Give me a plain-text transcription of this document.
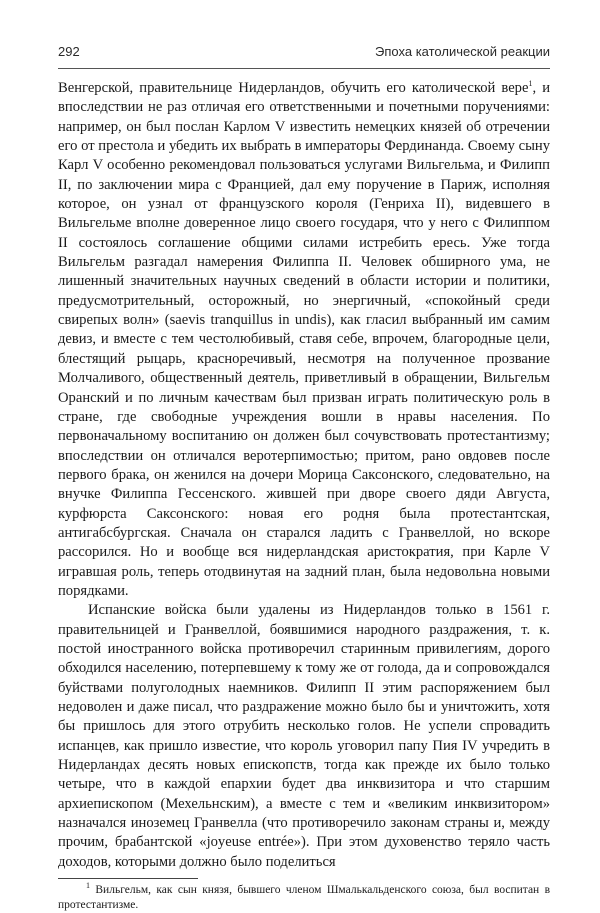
292	Эпоха католической реакции

Венгерской, правительнице Нидерландов, обучить его католической вере$^1$, и впоследствии не раз отличая его ответственными и почетными поручениями: например, он был послан Карлом V известить немецких князей об отречении его от престола и убедить их выбрать в императоры Фердинанда. Своему сыну Карл V особенно рекомендовал пользоваться услугами Вильгельма, и Филипп II, по заключении мира с Францией, дал ему поручение в Париж, исполняя которое, он узнал от французского короля (Генриха II), видевшего в Вильгельме вполне доверенное лицо своего государя, что у него с Филиппом II состоялось соглашение общими силами истребить ересь. Уже тогда Вильгельм разгадал намерения Филиппа II. Человек обширного ума, не лишенный значительных научных сведений в области истории и политики, предусмотрительный, осторожный, но энергичный, «спокойный среди свирепых волн» (saevis tranquillus in undis), как гласил выбранный им самим девиз, и вместе с тем честолюбивый, ставя себе, впрочем, благородные цели, блестящий рыцарь, красноречивый, несмотря на полученное прозвание Молчаливого, общественный деятель, приветливый в обращении, Вильгельм Оранский и по личным качествам был призван играть политическую роль в стране, где свободные учреждения вошли в нравы населения. По первоначальному воспитанию он должен был сочувствовать протестантизму; впоследствии он отличался веротерпимостью; притом, рано овдовев после первого брака, он женился на дочери Морица Саксонского, следовательно, на внучке Филиппа Гессенского. жившей при дворе своего дяди Августа, курфюрста Саксонского: новая его родня была протестантская, антигабсбургская. Сначала он старался ладить с Гранвеллой, но вскоре рассорился. Но и вообще вся нидерландская аристократия, при Карле V игравшая роль, теперь отодвинутая на задний план, была недовольна новыми порядками.

Испанские войска были удалены из Нидерландов только в 1561 г. правительницей и Гранвеллой, боявшимися народного раздражения, т. к. постой иностранного войска противоречил старинным привилегиям, дорого обходился населению, потерпевшему к тому же от голода, да и сопровождался буйствами полуголодных наемников. Филипп II этим распоряжением был недоволен и даже писал, что раздражение можно было бы и уничтожить, хотя бы пришлось для этого отрубить несколько голов. Не успели спровадить испанцев, как пришло известие, что король уговорил папу Пия IV учредить в Нидерландах десять новых епископств, тогда как прежде их было только четыре, что в каждой епархии будет два инквизитора и что старшим архиепископом (Мехельнским), а вместе с тем и «великим инквизитором» назначался иноземец Гранвелла (что противоречило законам страны и, между прочим, брабантской «joyeuse entrée»). При этом духовенство теряло часть доходов, которыми должно было поделиться

$^1$ Вильгельм, как сын князя, бывшего членом Шмалькальденского союза, был воспитан в протестантизме.
